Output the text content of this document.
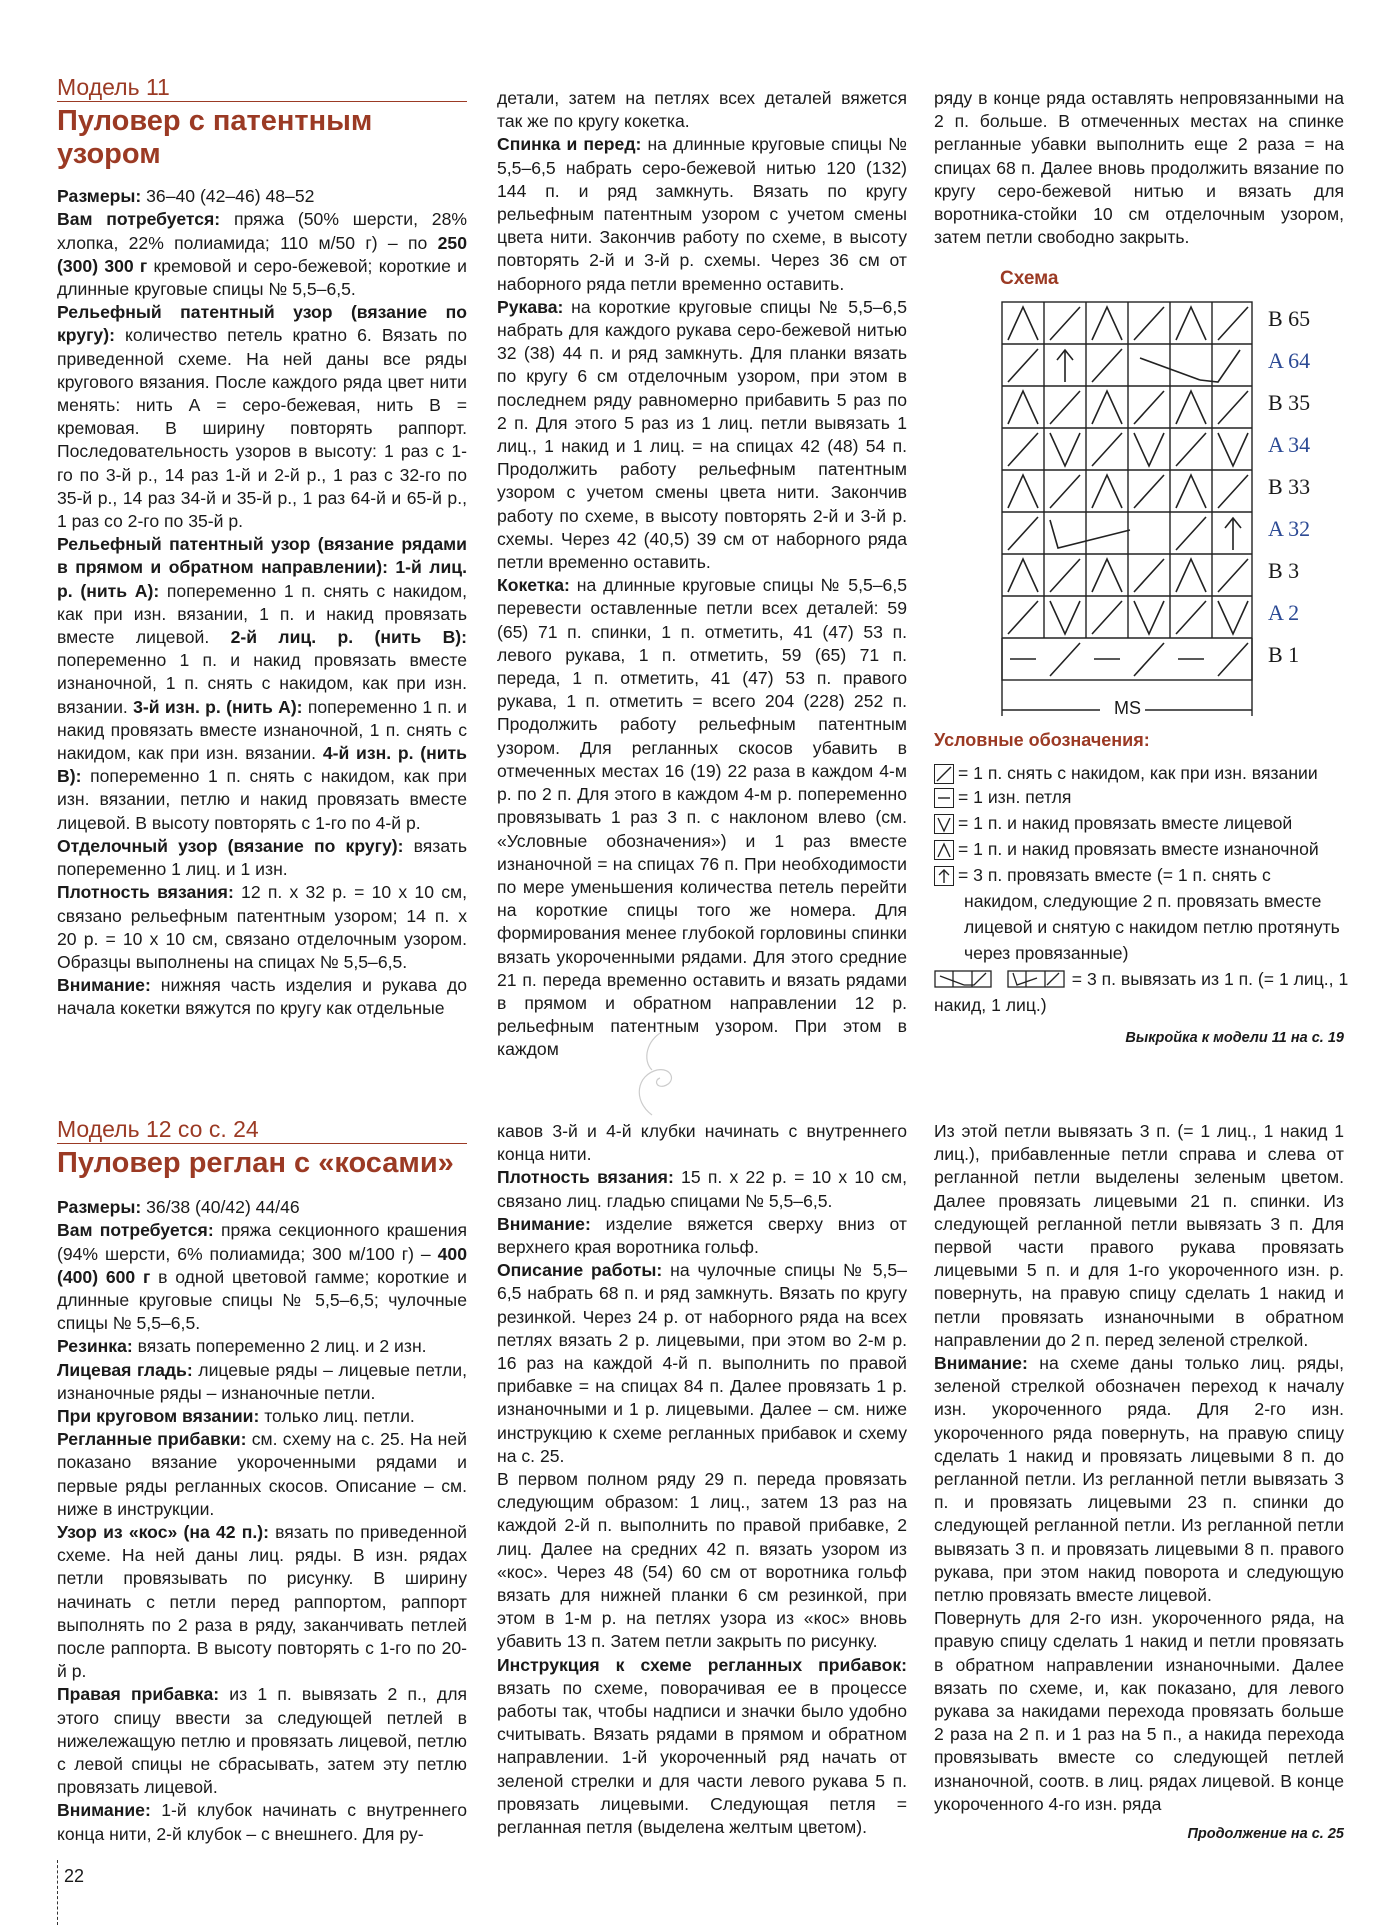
Модель 11
Пуловер с патентным узором

Размеры: 36–40 (42–46) 48–52

Вам потребуется: пряжа (50% шерсти, 28% хлопка, 22% полиамида; 110 м/50 г) – по 250 (300) 300 г кремовой и серо-бежевой; короткие и длинные круговые спицы № 5,5–6,5.

Рельефный патентный узор (вязание по кругу): количество петель кратно 6. Вязать по приведенной схеме. На ней даны все ряды кругового вязания. После каждого ряда цвет нити менять: нить А = серо-бежевая, нить В = кремовая. В ширину повторять раппорт. Последовательность узоров в высоту: 1 раз с 1-го по 3-й р., 14 раз 1-й и 2-й р., 1 раз с 32-го по 35-й р., 14 раз 34-й и 35-й р., 1 раз 64-й и 65-й р., 1 раз со 2-го по 35-й р.

Рельефный патентный узор (вязание рядами в прямом и обратном направлении): 1-й лиц. р. (нить А): попеременно 1 п. снять с накидом, как при изн. вязании, 1 п. и накид провязать вместе лицевой. 2-й лиц. р. (нить В): попеременно 1 п. и накид провязать вместе изнаночной, 1 п. снять с накидом, как при изн. вязании. 3-й изн. р. (нить А): попеременно 1 п. и накид провязать вместе изнаночной, 1 п. снять с накидом, как при изн. вязании. 4-й изн. р. (нить В): попеременно 1 п. снять с накидом, как при изн. вязании, петлю и накид провязать вместе лицевой. В высоту повторять с 1-го по 4-й р.

Отделочный узор (вязание по кругу): вязать попеременно 1 лиц. и 1 изн.

Плотность вязания: 12 п. х 32 р. = 10 х 10 см, связано рельефным патентным узором; 14 п. х 20 р. = 10 х 10 см, связано отделочным узором. Образцы выполнены на спицах № 5,5–6,5.

Внимание: нижняя часть изделия и рукава до начала кокетки вяжутся по кругу как отдельные

детали, затем на петлях всех деталей вяжется так же по кругу кокетка.

Спинка и перед: на длинные круговые спицы № 5,5–6,5 набрать серо-бежевой нитью 120 (132) 144 п. и ряд замкнуть. Вязать по кругу рельефным патентным узором с учетом смены цвета нити. Закончив работу по схеме, в высоту повторять 2-й и 3-й р. схемы. Через 36 см от наборного ряда петли временно оставить.

Рукава: на короткие круговые спицы № 5,5–6,5 набрать для каждого рукава серо-бежевой нитью 32 (38) 44 п. и ряд замкнуть. Для планки вязать по кругу 6 см отделочным узором, при этом в последнем ряду равномерно прибавить 5 раз по 2 п. Для этого 5 раз из 1 лиц. петли вывязать 1 лиц., 1 накид и 1 лиц. = на спицах 42 (48) 54 п. Продолжить работу рельефным патентным узором с учетом смены цвета нити. Закончив работу по схеме, в высоту повторять 2-й и 3-й р. схемы. Через 42 (40,5) 39 см от наборного ряда петли временно оставить.

Кокетка: на длинные круговые спицы № 5,5–6,5 перевести оставленные петли всех деталей: 59 (65) 71 п. спинки, 1 п. отметить, 41 (47) 53 п. левого рукава, 1 п. отметить, 59 (65) 71 п. переда, 1 п. отметить, 41 (47) 53 п. правого рукава, 1 п. отметить = всего 204 (228) 252 п. Продолжить работу рельефным патентным узором. Для регланных скосов убавить в отмеченных местах 16 (19) 22 раза в каждом 4-м р. по 2 п. Для этого в каждом 4-м р. попеременно провязывать 1 раз 3 п. с наклоном влево (см. «Условные обозначения») и 1 раз вместе изнаночной = на спицах 76 п. При необходимости по мере уменьшения количества петель перейти на короткие спицы того же номера. Для формирования менее глубокой горловины спинки вязать укороченными рядами. Для этого средние 21 п. переда временно оставить и вязать рядами в прямом и обратном направлении 12 р. рельефным патентным узором. При этом в каждом

ряду в конце ряда оставлять непровязанными на 2 п. больше. В отмеченных местах на спинке регланные убавки выполнить еще 2 раза = на спицах 68 п. Далее вновь продолжить вязание по кругу серо-бежевой нитью и вязать для воротника-стойки 10 см отделочным узором, затем петли свободно закрыть.

Схема
B 65
A 64
B 35
A 34
B 33
A 32
B 3
A 2
B 1
MS
Условные обозначения:
= 1 п. снять с накидом, как при изн. вязании
= 1 изн. петля
= 1 п. и накид провязать вместе лицевой
= 1 п. и накид провязать вместе изнаночной
= 3 п. провязать вместе (= 1 п. снять с накидом, следующие 2 п. провязать вместе лицевой и снятую с накидом петлю протянуть через провязанные)
= 3 п. вывязать из 1 п. (= 1 лиц., 1 накид, 1 лиц.)
Выкройка к модели 11 на с. 19
Модель 12 со с. 24
Пуловер реглан с «косами»

Размеры: 36/38 (40/42) 44/46

Вам потребуется: пряжа секционного крашения (94% шерсти, 6% полиамида; 300 м/100 г) – 400 (400) 600 г в одной цветовой гамме; короткие и длинные круговые спицы № 5,5–6,5; чулочные спицы № 5,5–6,5.

Резинка: вязать попеременно 2 лиц. и 2 изн.

Лицевая гладь: лицевые ряды – лицевые петли, изнаночные ряды – изнаночные петли.

При круговом вязании: только лиц. петли.

Регланные прибавки: см. схему на с. 25. На ней показано вязание укороченными рядами и первые ряды регланных скосов. Описание – см. ниже в инструкции.

Узор из «кос» (на 42 п.): вязать по приведенной схеме. На ней даны лиц. ряды. В изн. рядах петли провязывать по рисунку. В ширину начинать с петли перед раппортом, раппорт выполнять по 2 раза в ряду, заканчивать петлей после раппорта. В высоту повторять с 1-го по 20-й р.

Правая прибавка: из 1 п. вывязать 2 п., для этого спицу ввести за следующей петлей в нижележащую петлю и провязать лицевой, петлю с левой спицы не сбрасывать, затем эту петлю провязать лицевой.

Внимание: 1-й клубок начинать с внутреннего конца нити, 2-й клубок – с внешнего. Для ру-

кавов 3-й и 4-й клубки начинать с внутреннего конца нити.

Плотность вязания: 15 п. х 22 р. = 10 х 10 см, связано лиц. гладью спицами № 5,5–6,5.

Внимание: изделие вяжется сверху вниз от верхнего края воротника гольф.

Описание работы: на чулочные спицы № 5,5–6,5 набрать 68 п. и ряд замкнуть. Вязать по кругу резинкой. Через 24 р. от наборного ряда на всех петлях вязать 2 р. лицевыми, при этом во 2-м р. 16 раз на каждой 4-й п. выполнить по правой прибавке = на спицах 84 п. Далее провязать 1 р. изнаночными и 1 р. лицевыми. Далее – см. ниже инструкцию к схеме регланных прибавок и схему на с. 25.

В первом полном ряду 29 п. переда провязать следующим образом: 1 лиц., затем 13 раз на каждой 2-й п. выполнить по правой прибавке, 2 лиц. Далее на средних 42 п. вязать узором из «кос». Через 48 (54) 60 см от воротника гольф вязать для нижней планки 6 см резинкой, при этом в 1-м р. на петлях узора из «кос» вновь убавить 13 п. Затем петли закрыть по рисунку.

Инструкция к схеме регланных прибавок: вязать по схеме, поворачивая ее в процессе работы так, чтобы надписи и значки было удобно считывать. Вязать рядами в прямом и обратном направлении. 1-й укороченный ряд начать от зеленой стрелки и для части левого рукава 5 п. провязать лицевыми. Следующая петля = регланная петля (выделена желтым цветом).

Из этой петли вывязать 3 п. (= 1 лиц., 1 накид 1 лиц.), прибавленные петли справа и слева от регланной петли выделены зеленым цветом. Далее провязать лицевыми 21 п. спинки. Из следующей регланной петли вывязать 3 п. Для первой части правого рукава провязать лицевыми 5 п. и для 1-го укороченного изн. р. повернуть, на правую спицу сделать 1 накид и петли провязать изнаночными в обратном направлении до 2 п. перед зеленой стрелкой.

Внимание: на схеме даны только лиц. ряды, зеленой стрелкой обозначен переход к началу изн. укороченного ряда. Для 2-го изн. укороченного ряда повернуть, на правую спицу сделать 1 накид и провязать лицевыми 8 п. до регланной петли. Из регланной петли вывязать 3 п. и провязать лицевыми 23 п. спинки до следующей регланной петли. Из регланной петли вывязать 3 п. и провязать лицевыми 8 п. правого рукава, при этом накид поворота и следующую петлю провязать вместе лицевой.

Повернуть для 2-го изн. укороченного ряда, на правую спицу сделать 1 накид и петли провязать в обратном направлении изнаночными. Далее вязать по схеме, и, как показано, для левого рукава за накидами перехода провязать больше 2 раза на 2 п. и 1 раз на 5 п., а накида перехода провязывать вместе со следующей петлей изнаночной, соотв. в лиц. рядах лицевой. В конце укороченного 4-го изн. ряда

Продолжение на с. 25
22
